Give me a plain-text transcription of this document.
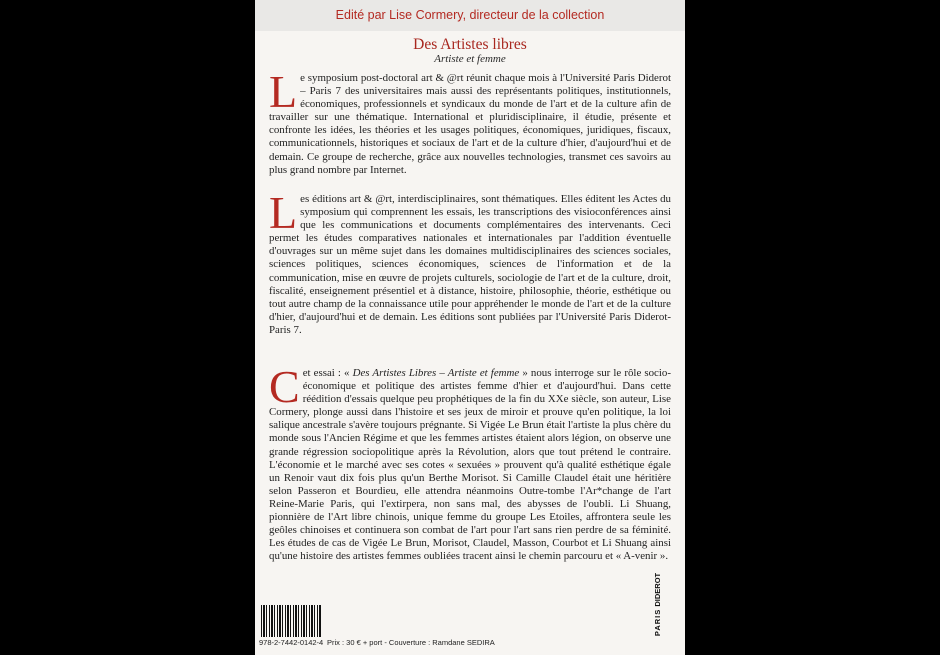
Edité par Lise Cormery, directeur de la collection
Des Artistes libres
Artiste et femme

Le symposium post-doctoral art & @rt réunit chaque mois à l'Université Paris Diderot – Paris 7 des universitaires mais aussi des représentants politiques, institutionnels, économiques, professionnels et syndicaux du monde de l'art et de la culture afin de travailler sur une thématique. International et pluridisciplinaire, il étudie, présente et confronte les idées, les théories et les usages politiques, économiques, juridiques, fiscaux, communicationnels, historiques et sociaux de l'art et de la culture d'hier, d'aujourd'hui et de demain. Ce groupe de recherche, grâce aux nouvelles technologies, transmet ces savoirs au plus grand nombre par Internet.

Les éditions art & @rt, interdisciplinaires, sont thématiques. Elles éditent les Actes du symposium qui comprennent les essais, les transcriptions des visioconférences ainsi que les communications et documents complémentaires des intervenants. Ceci permet les études comparatives nationales et internationales par l'addition éventuelle d'ouvrages sur un même sujet dans les domaines multidisciplinaires des sciences sociales, sciences politiques, sciences économiques, sciences de l'information et de la communication, mise en œuvre de projets culturels, sociologie de l'art et de la culture, droit, fiscalité, enseignement présentiel et à distance, histoire, philosophie, théorie, esthétique ou tout autre champ de la connaissance utile pour appréhender le monde de l'art et de la culture d'hier, d'aujourd'hui et de demain. Les éditions sont publiées par l'Université Paris Diderot-Paris 7.

Cet essai : « Des Artistes Libres – Artiste et femme » nous interroge sur le rôle socio-économique et politique des artistes femme d'hier et d'aujourd'hui. Dans cette réédition d'essais quelque peu prophétiques de la fin du XXe siècle, son auteur, Lise Cormery, plonge aussi dans l'histoire et ses jeux de miroir et prouve qu'en politique, la loi salique ancestrale s'avère toujours prégnante. Si Vigée Le Brun était l'artiste la plus chère du monde sous l'Ancien Régime et que les femmes artistes étaient alors légion, on observe une grande régression sociopolitique après la Révolution, alors que tout prétend le contraire. L'économie et le marché avec ses cotes « sexuées » prouvent qu'à qualité esthétique égale un Renoir vaut dix fois plus qu'un Berthe Morisot. Si Camille Claudel était une héritière selon Passeron et Bourdieu, elle attendra néanmoins Outre-tombe l'Ar*change de l'art Reine-Marie Paris, qui l'extirpera, non sans mal, des abysses de l'oubli. Li Shuang, pionnière de l'Art libre chinois, unique femme du groupe Les Etoiles, affrontera seule les geôles chinoises et continuera son combat de l'art pour l'art sans rien perdre de sa féminité. Les études de cas de Vigée Le Brun, Morisot, Claudel, Masson, Courbot et Li Shuang ainsi qu'une histoire des artistes femmes oubliées tracent ainsi le chemin parcouru et « A-venir ».

978-2-7442-0142-4 Prix : 30 € + port - Couverture : Ramdane SEDIRA
PARIS DIDEROT
